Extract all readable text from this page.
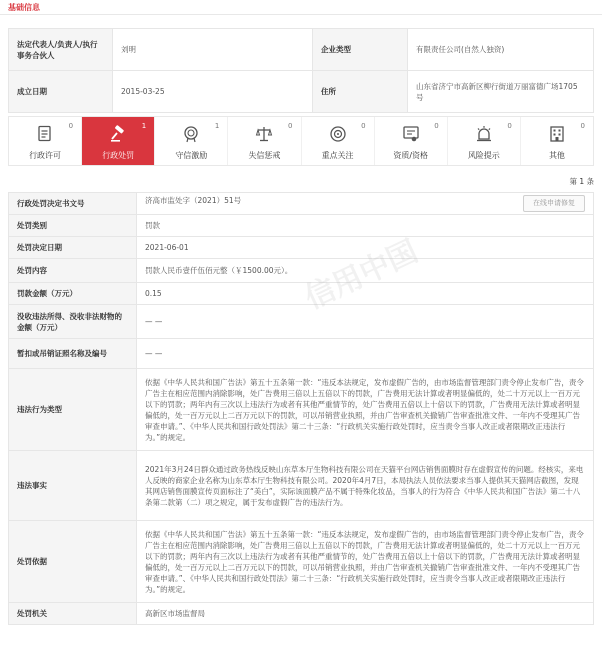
基础信息
法定代表人/负责人/执行事务合伙人	刘明	企业类型	有限责任公司(自然人独资)
成立日期	2015-03-25	住所	山东省济宁市高新区柳行街道万丽富德广场1705号
行政许可
0
行政处罚
1
守信激励
1
失信惩戒
0
重点关注
0
资质/资格
0
风险提示
0
其他
0
第 1 条
行政处罚决定书文号	济高市监处字（2021）51号 在线申请修复

处罚类别	罚款
处罚决定日期	2021-06-01
处罚内容	罚款人民币壹仟伍佰元整（￥1500.00元）。
罚款金额（万元）	0.15
没收违法所得、没收非法财物的金额（万元）	— —
暂扣或吊销证照名称及编号	— —
违法行为类型	依据《中华人民共和国广告法》第五十五条第一款：“违反本法规定，发布虚假广告的，由市场监督管理部门责令停止发布广告，责令广告主在相应范围内消除影响，处广告费用三倍以上五倍以下的罚款，广告费用无法计算或者明显偏低的，处二十万元以上一百万元以下的罚款；两年内有三次以上违法行为或者有其他严重情节的，处广告费用五倍以上十倍以下的罚款，广告费用无法计算或者明显偏低的，处一百万元以上二百万元以下的罚款，可以吊销营业执照，并由广告审查机关撤销广告审查批准文件、一年内不受理其广告审查申请。”、《中华人民共和国行政处罚法》第二十三条：“行政机关实施行政处罚时，应当责令当事人改正或者限期改正违法行为。”的规定。
违法事实	2021年3月24日群众通过政务热线反映山东草本厅生物科技有限公司在天猫平台网店销售面膜时存在虚假宣传的问题。经核实，来电人反映的商家企业名称为山东草本厅生物科技有限公司。2020年4月7日，本局执法人员依法要求当事人提供其天猫网店截图，发现其网店销售面膜宣传页面标注了“美白”，实际该面膜产品不属于特殊化妆品，当事人的行为符合《中华人民共和国广告法》第二十八条第二款第（二）项之规定，属于发布虚假广告的违法行为。
处罚依据	依据《中华人民共和国广告法》第五十五条第一款：“违反本法规定，发布虚假广告的，由市场监督管理部门责令停止发布广告，责令广告主在相应范围内消除影响，处广告费用三倍以上五倍以下的罚款，广告费用无法计算或者明显偏低的，处二十万元以上一百万元以下的罚款；两年内有三次以上违法行为或者有其他严重情节的，处广告费用五倍以上十倍以下的罚款，广告费用无法计算或者明显偏低的，处一百万元以上二百万元以下的罚款，可以吊销营业执照，并由广告审查机关撤销广告审查批准文件、一年内不受理其广告审查申请。”、《中华人民共和国行政处罚法》第二十三条：“行政机关实施行政处罚时，应当责令当事人改正或者限期改正违法行为。”的规定。
处罚机关	高新区市场监督局
信用中国
